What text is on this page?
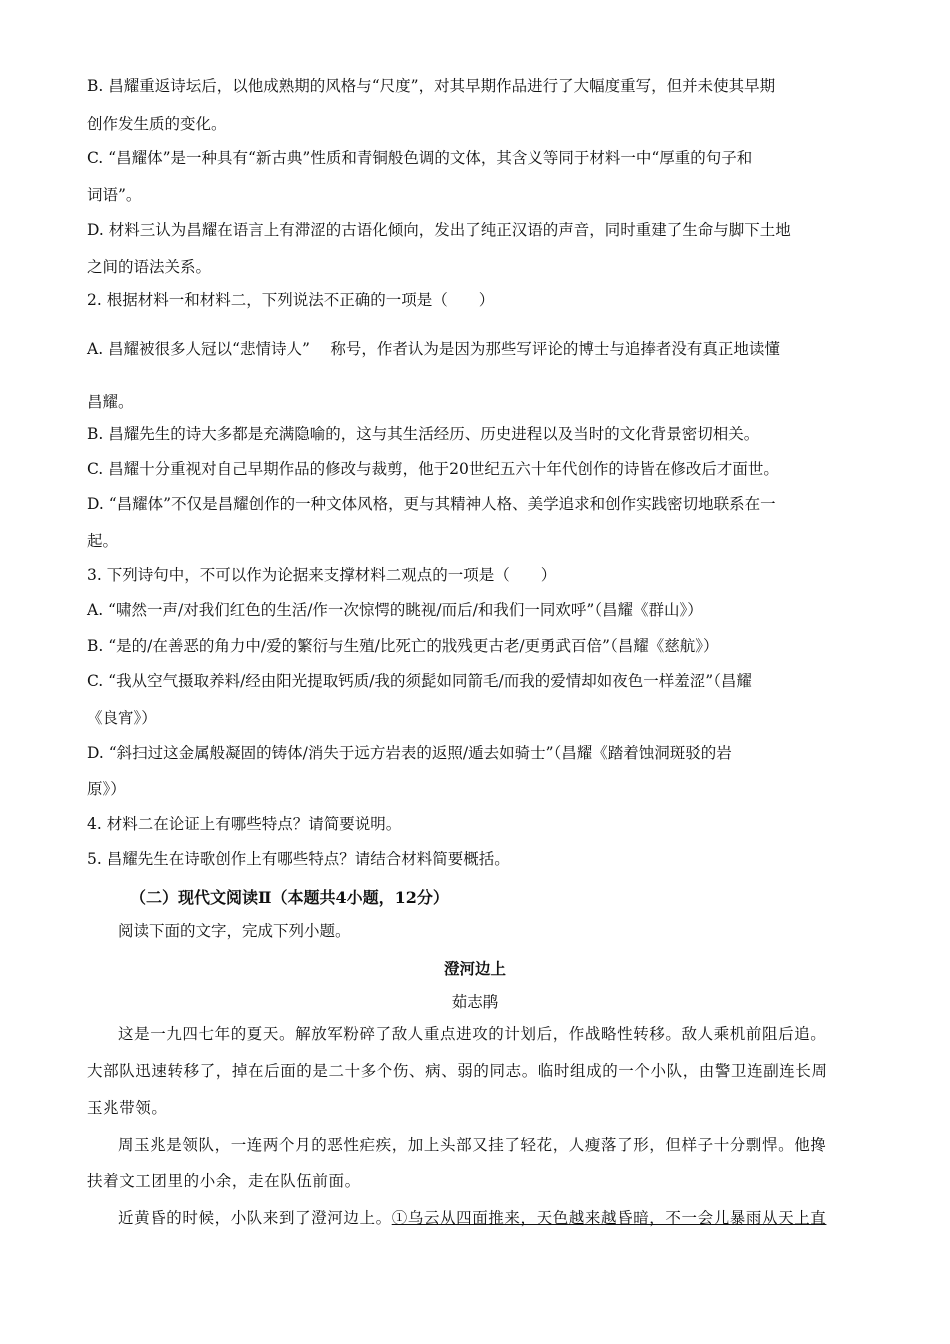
B. 昌耀重返诗坛后，以他成熟期的风格与“尺度”，对其早期作品进行了大幅度重写，但并未使其早期
创作发生质的变化。
C. “昌耀体”是一种具有“新古典”性质和青铜般色调的文体，其含义等同于材料一中“厚重的句子和
词语”。
D. 材料三认为昌耀在语言上有滞涩的古语化倾向，发出了纯正汉语的声音，同时重建了生命与脚下土地
之间的语法关系。
2. 根据材料一和材料二，下列说法不正确的一项是（　　）
A. 昌耀被很多人冠以“悲情诗人”　 称号，作者认为是因为那些写评论的博士与追捧者没有真正地读懂
昌耀。
B. 昌耀先生的诗大多都是充满隐喻的，这与其生活经历、历史进程以及当时的文化背景密切相关。
C. 昌耀十分重视对自己早期作品的修改与裁剪，他于20世纪五六十年代创作的诗皆在修改后才面世。
D. “昌耀体”不仅是昌耀创作的一种文体风格，更与其精神人格、美学追求和创作实践密切地联系在一
起。
3. 下列诗句中，不可以作为论据来支撑材料二观点的一项是（　　）
A. “啸然一声/对我们红色的生活/作一次惊愕的眺视/而后/和我们一同欢呼”（昌耀《群山》）
B. “是的/在善恶的角力中/爱的繁衍与生殖/比死亡的戕残更古老/更勇武百倍”（昌耀《慈航》）
C. “我从空气摄取养料/经由阳光提取钙质/我的须髭如同箭毛/而我的爱情却如夜色一样羞涩”（昌耀
《良宵》）
D. “斜扫过这金属般凝固的铸体/消失于远方岩表的返照/遁去如骑士”（昌耀《踏着蚀洞斑驳的岩
原》）
4. 材料二在论证上有哪些特点？请简要说明。
5. 昌耀先生在诗歌创作上有哪些特点？请结合材料简要概括。
（二）现代文阅读Ⅱ（本题共4小题，12分）
阅读下面的文字，完成下列小题。
澄河边上
茹志鹃
这是一九四七年的夏天。解放军粉碎了敌人重点进攻的计划后，作战略性转移。敌人乘机前阻后追。
大部队迅速转移了，掉在后面的是二十多个伤、病、弱的同志。临时组成的一个小队，由警卫连副连长周
玉兆带领。
周玉兆是领队，一连两个月的恶性疟疾，加上头部又挂了轻花，人瘦落了形，但样子十分剽悍。他搀
扶着文工团里的小余，走在队伍前面。
近黄昏的时候，小队来到了澄河边上。①乌云从四面推来，天色越来越昏暗，不一会儿暴雨从天上直
